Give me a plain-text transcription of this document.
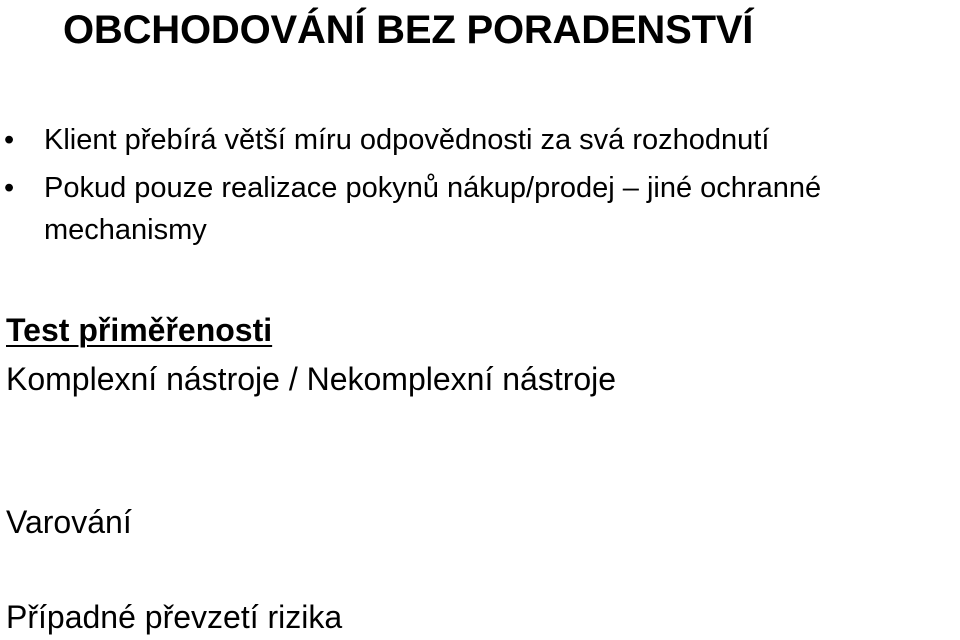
OBCHODOVÁNÍ BEZ PORADENSTVÍ
• Klient přebírá větší míru odpovědnosti za svá rozhodnutí
• Pokud pouze realizace pokynů nákup/prodej – jiné ochranné mechanismy
Test přiměřenosti
Komplexní nástroje / Nekomplexní nástroje
Varování
Případné převzetí rizika
